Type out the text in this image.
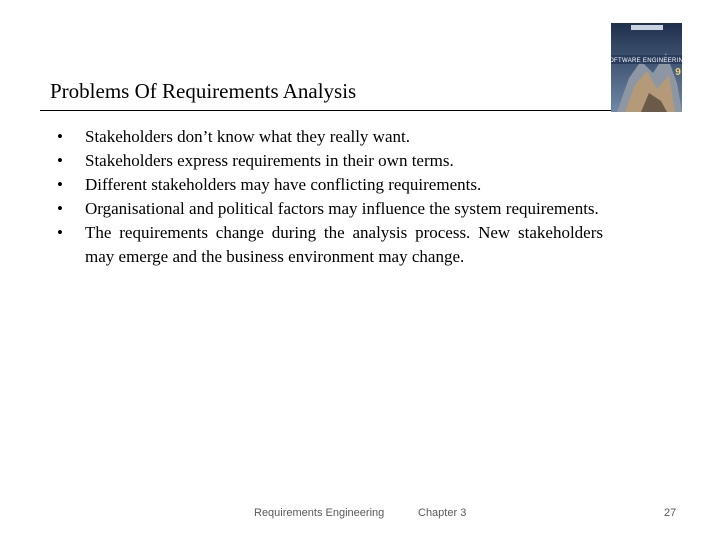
Problems Of Requirements Analysis
SOFTWARE ENGINEERING
9
• Stakeholders don’t know what they really want.
• Stakeholders express requirements in their own terms.
• Different stakeholders may have conflicting requirements.
• Organisational and political factors may influence the system requirements.
• The requirements change during the analysis process. New stakeholders may emerge and the business environment may change.
Requirements Engineering	Chapter 3	27
